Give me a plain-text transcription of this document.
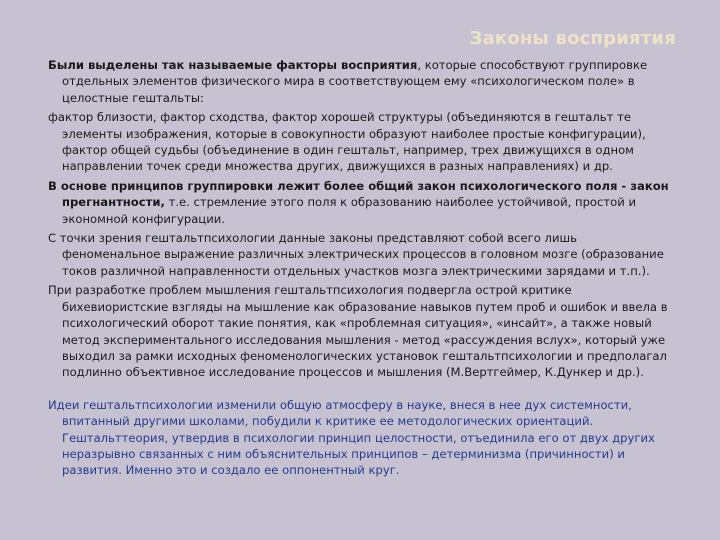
Законы восприятия

Были выделены так называемые факторы восприятия, которые способствуют группировке отдельных элементов физического мира в соответствующем ему «психологическом поле» в целостные гештальты:

фактор близости, фактор сходства, фактор хорошей структуры (объединяются в гештальт те элементы изображения, которые в совокупности образуют наиболее простые конфигурации), фактор общей судьбы (объединение в один гештальт, например, трех движущихся в одном направлении точек среди множества других, движущихся в разных направлениях) и др.

В основе принципов группировки лежит более общий закон психологического поля - закон прегнантности, т.е. стремление этого поля к образованию наиболее устойчивой, простой и экономной конфигурации.

С точки зрения гештальтпсихологии данные законы представляют собой всего лишь феноменальное выражение различных электрических процессов в головном мозге (образование токов различной направленности отдельных участков мозга электрическими зарядами и т.п.).

При разработке проблем мышления гештальтпсихология подвергла острой критике бихевиористские взгляды на мышление как образование навыков путем проб и ошибок и ввела в психологический оборот такие понятия, как «проблемная ситуация», «инсайт», а также новый метод экспериментального исследования мышления - метод «рассуждения вслух», который уже выходил за рамки исходных феноменологических установок гештальтпсихологии и предполагал подлинно объективное исследование процессов и мышления (М.Вертгеймер, К.Дункер и др.).

Идеи гештальтпсихологии изменили общую атмосферу в науке, внеся в нее дух системности, впитанный другими школами, побудили к критике ее методологических ориентаций. Гештальттеория, утвердив в психологии принцип целостности, отъединила его от двух других неразрывно связанных с ним объяснительных принципов – детерминизма (причинности) и развития. Именно это и создало ее оппонентный круг.
